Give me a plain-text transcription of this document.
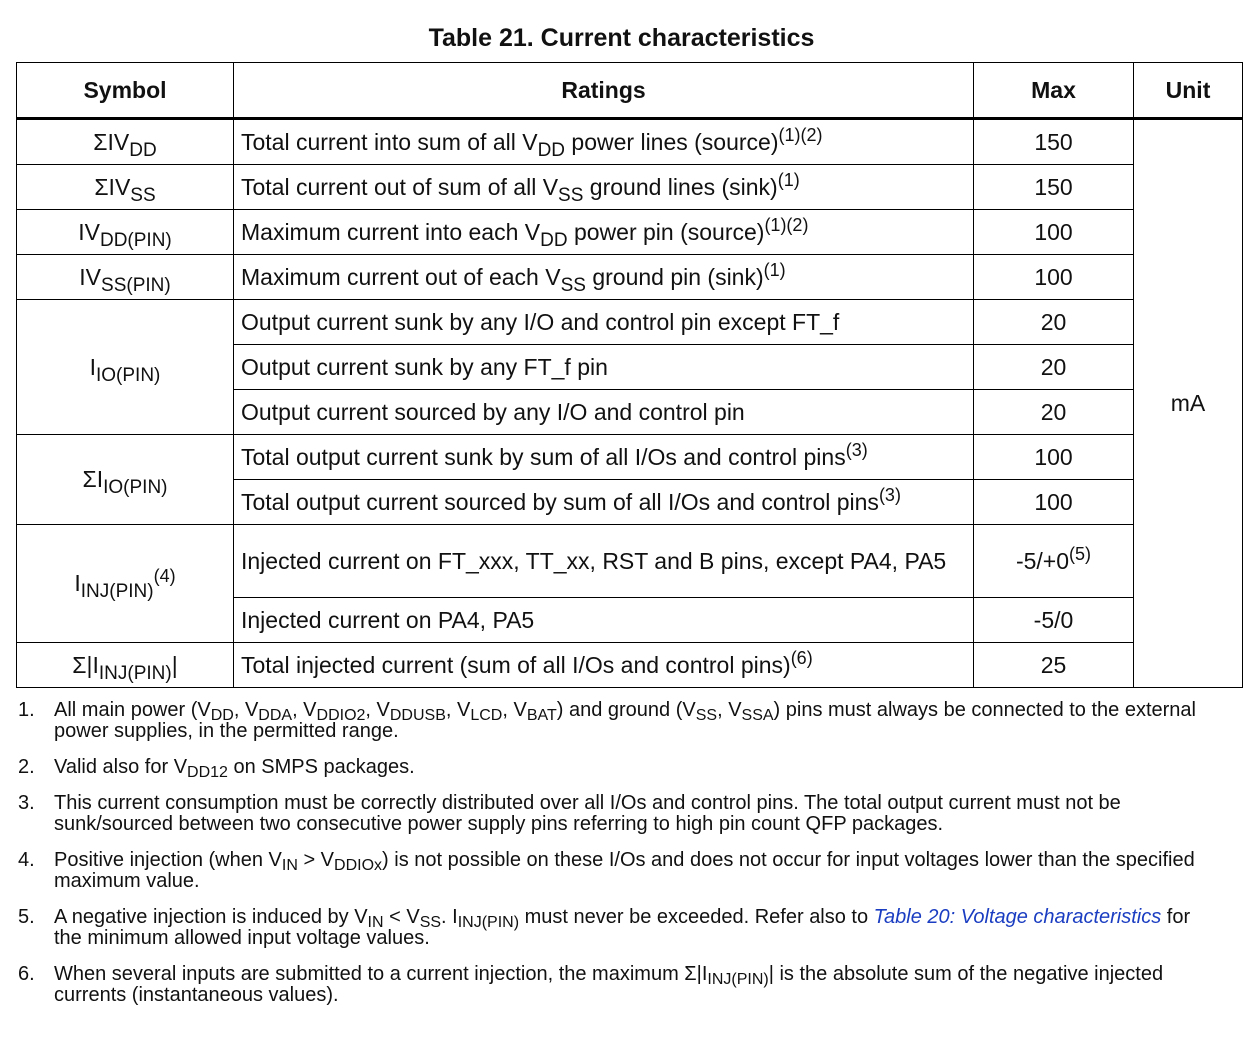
Table 21. Current characteristics
Symbol	Ratings	Max	Unit
$\Sigma IV_{DD}$	Total current into sum of all $V_{DD}$ power lines (source)$^{(1)(2)}$	150	mA
$\Sigma IV_{SS}$	Total current out of sum of all $V_{SS}$ ground lines $(\sin k)^{(1)}$	150	
$IV_{DD(PIN)}$	Maximum current into each $V_{DD}$ power pin (source)$^{(1)(2)}$	100	
$IV_{SS(PIN)}$	Maximum current out of each $V_{SS}$ ground pin $(\sin k)^{(1)}$	100	
$I_{IO(PIN)}$	Output current sunk by any I/O and control pin except FT_f	20	
	Output current sunk by any FT_f pin	20	
	Output current sourced by any I/O and control pin	20	
$\Sigma I_{IO(PIN)}$	Total output current sunk by sum of all I/Os and control pins$^{(3)}$	100	
	Total output current sourced by sum of all I/Os and control pins$^{(3)}$	100	
$I_{INJ(PIN)}^{(4)}$	Injected current on FT_xxx, TT_xx, RST and B pins, except PA4, PA5	$-5/+0^{(5)}$
	Injected current on PA4, PA5	-5/0	
$\Sigma|I_{INJ(PIN)}|$	Total injected current (sum of all I/Os and control pins)$^{(6)}$	25	
1. All main power ($V_{DD}$, $V_{DDA}$, $V_{DDIO2}$, $V_{DDUSB}$, $V_{LCD}$, $V_{BAT}$) and ground ($V_{SS}$, $V_{SSA}$) pins must always be connected to the external power supplies, in the permitted range.
2. Valid also for $V_{DD12}$ on SMPS packages.
3. This current consumption must be correctly distributed over all I/Os and control pins. The total output current must not be sunk/sourced between two consecutive power supply pins referring to high pin count QFP packages.
4. Positive injection (when $V_{IN} > V_{DDIOx}$) is not possible on these I/Os and does not occur for input voltages lower than the specified maximum value.
5. A negative injection is induced by $V_{IN} < V_{SS}$. $I_{INJ(PIN)}$ must never be exceeded. Refer also to Table 20: Voltage characteristics for the minimum allowed input voltage values.
6. When several inputs are submitted to a current injection, the maximum $\Sigma|I_{INJ(PIN)}|$ is the absolute sum of the negative injected currents (instantaneous values).
